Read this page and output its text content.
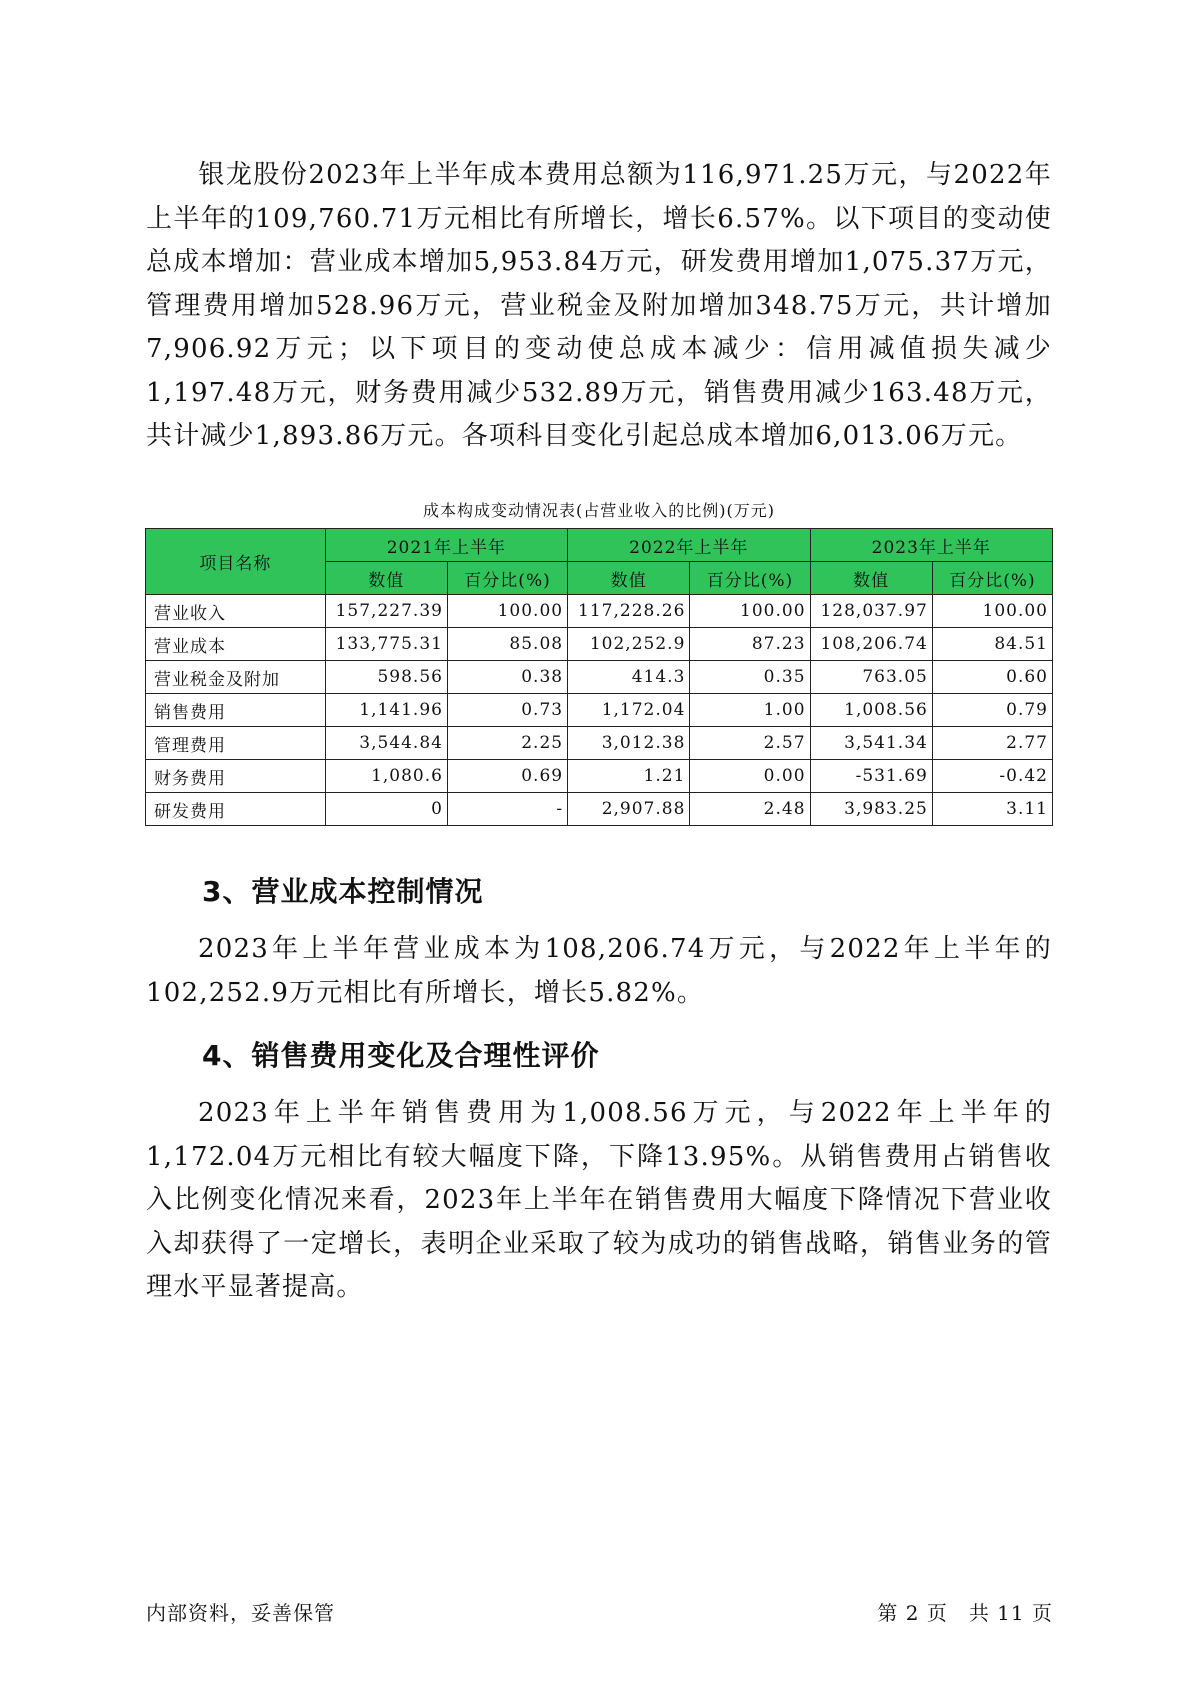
银龙股份2023年上半年成本费用总额为116,971.25万元，与2022年上半年的109,760.71万元相比有所增长，增长6.57%。以下项目的变动使总成本增加：营业成本增加5,953.84万元，研发费用增加1,075.37万元，管理费用增加528.96万元，营业税金及附加增加348.75万元，共计增加7,906.92万元；以下项目的变动使总成本减少：信用减值损失减少1,197.48万元，财务费用减少532.89万元，销售费用减少163.48万元，共计减少1,893.86万元。各项科目变化引起总成本增加6,013.06万元。

成本构成变动情况表(占营业收入的比例)(万元)
项目名称	2021年上半年		2022年上半年		2023年上半年	
	数值	百分比(%)	数值	百分比(%)	数值	百分比(%)
营业收入	157,227.39	100.00	117,228.26	100.00	128,037.97	100.00
营业成本	133,775.31	85.08	102,252.9	87.23	108,206.74	84.51
营业税金及附加	598.56	0.38	414.3	0.35	763.05	0.60
销售费用	1,141.96	0.73	1,172.04	1.00	1,008.56	0.79
管理费用	3,544.84	2.25	3,012.38	2.57	3,541.34	2.77
财务费用	1,080.6	0.69	1.21	0.00	-531.69	-0.42
研发费用	0	-	2,907.88	2.48	3,983.25	3.11
3、营业成本控制情况

2023年上半年营业成本为108,206.74万元，与2022年上半年的102,252.9万元相比有所增长，增长5.82%。

4、销售费用变化及合理性评价

2023年上半年销售费用为1,008.56万元，与2022年上半年的1,172.04万元相比有较大幅度下降，下降13.95%。从销售费用占销售收入比例变化情况来看，2023年上半年在销售费用大幅度下降情况下营业收入却获得了一定增长，表明企业采取了较为成功的销售战略，销售业务的管理水平显著提高。

内部资料，妥善保管	第 2 页　共 11 页
